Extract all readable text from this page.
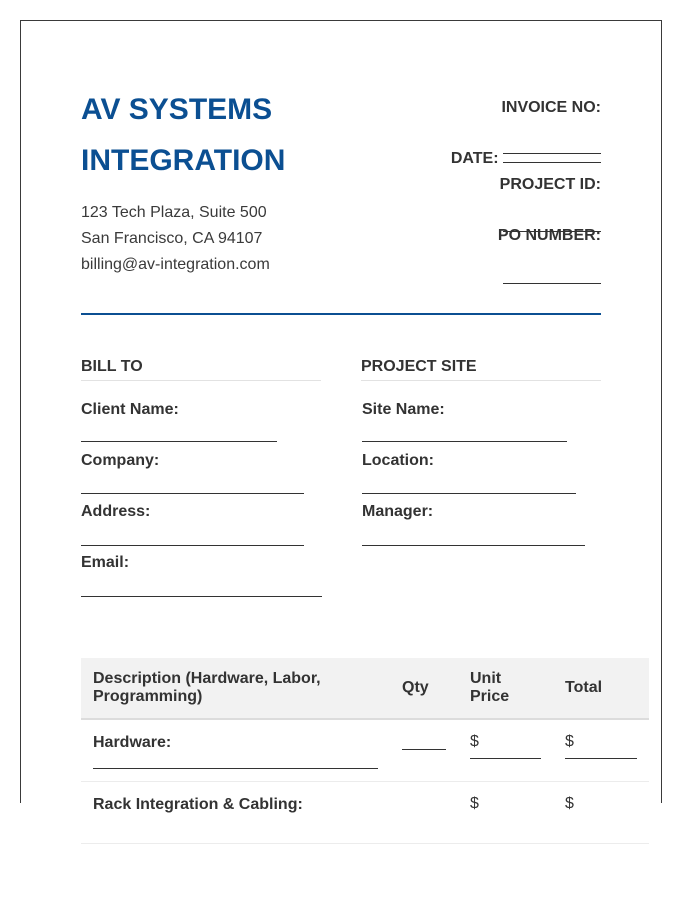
AV SYSTEMS INTEGRATION
123 Tech Plaza, Suite 500
San Francisco, CA 94107
billing@av-integration.com
INVOICE NO:
DATE:
PROJECT ID:
PO NUMBER:
BILL TO
Client Name:
Company:
Address:
Email:
PROJECT SITE
Site Name:
Location:
Manager:
Description (Hardware, Labor, Programming)	Qty	Unit Price	Total

Hardware:		$	$

Rack Integration & Cabling:		$	$
